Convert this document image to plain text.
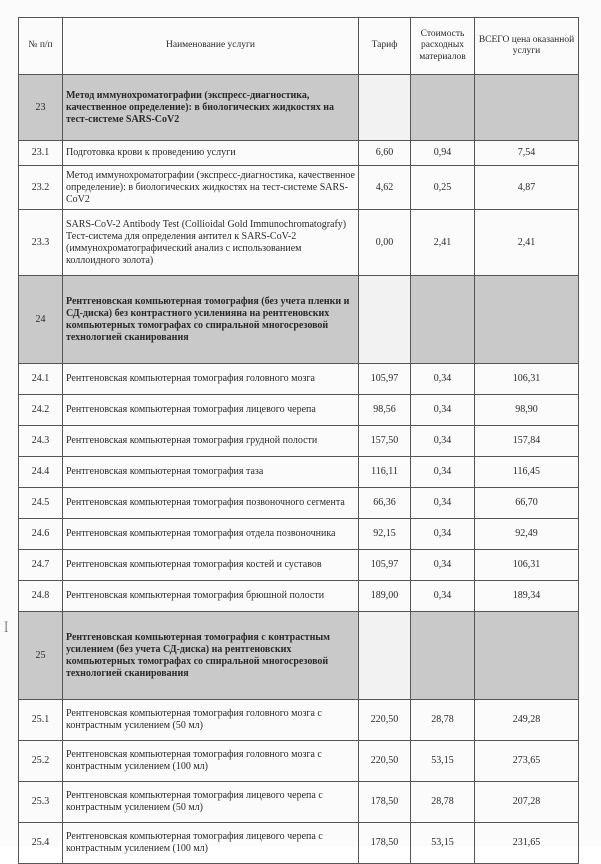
№ п/п	Наименование услуги	Тариф	Стоимость расходных материалов	ВСЕГО цена оказанной услуги
23	Метод иммунохроматографии (экспресс-диагностика, качественное определение): в биологических жидкостях на тест-системе SARS-CoV2			
23.1	Подготовка крови к проведению услуги	6,60	0,94	7,54
23.2	Метод иммунохроматографии (экспресс-диагностика, качественное определение): в биологических жидкостях на тест-системе SARS-CoV2	4,62	0,25	4,87
23.3	SARS-CoV-2 Antibody Test (Collioidal Gold Immunochromatografy) Тест-система для определения антител к SARS-CoV-2 (иммунохроматографический анализ с использованием коллоидного золота)	0,00	2,41	2,41
24	Рентгеновская компьютерная томография (без учета пленки и СД-диска) без контрастного усиленияна на рентгеновских компьютерных томографах со спиральной многосрезовой технологией сканирования			
24.1	Рентгеновская компьютерная томография головного мозга	105,97	0,34	106,31
24.2	Рентгеновская компьютерная томография лицевого черепа	98,56	0,34	98,90
24.3	Рентгеновская компьютерная томография грудной полости	157,50	0,34	157,84
24.4	Рентгеновская компьютерная томография таза	116,11	0,34	116,45
24.5	Рентгеновская компьютерная томография позвоночного сегмента	66,36	0,34	66,70
24.6	Рентгеновская компьютерная томография отдела позвоночника	92,15	0,34	92,49
24.7	Рентгеновская компьютерная томография костей и суставов	105,97	0,34	106,31
24.8	Рентгеновская компьютерная томография брюшной полости	189,00	0,34	189,34
25	Рентгеновская компьютерная томография с контрастным усилением (без учета СД-диска) на рентгеновских компьютерных томографах со спиральной многосрезовой технологией сканирования			
25.1	Рентгеновская компьютерная томография головного мозга с контрастным усилением (50 мл)	220,50	28,78	249,28
25.2	Рентгеновская компьютерная томография головного мозга с контрастным усилением (100 мл)	220,50	53,15	273,65
25.3	Рентгеновская компьютерная томография лицевого черепа с контрастным усилением (50 мл)	178,50	28,78	207,28
25.4	Рентгеновская компьютерная томография лицевого черепа с контрастным усилением (100 мл)	178,50	53,15	231,65
ꟾ
